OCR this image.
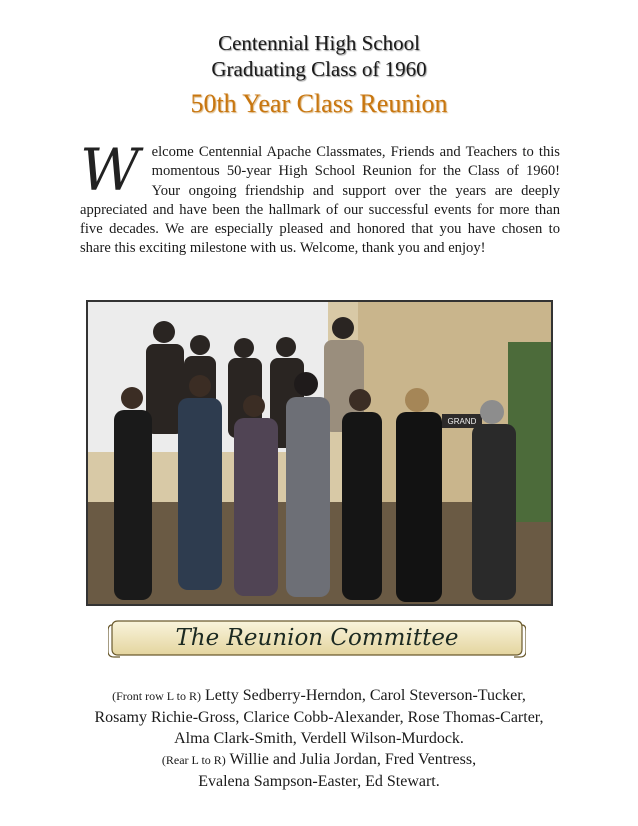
Centennial High School
Graduating Class of 1960
50th Year Class Reunion
W elcome Centennial Apache Classmates, Friends and Teachers to this momentous 50-year High School Reunion for the Class of 1960! Your ongoing friendship and support over the years are deeply appreciated and have been the hallmark of our successful events for more than five decades. We are especially pleased and honored that you have chosen to share this exciting milestone with us. Welcome, thank you and enjoy!
GRAND
The Reunion Committee
(Front row L to R) Letty Sedberry-Herndon, Carol Steverson-Tucker,
Rosamy Richie-Gross, Clarice Cobb-Alexander, Rose Thomas-Carter,
Alma Clark-Smith, Verdell Wilson-Murdock.
(Rear L to R) Willie and Julia Jordan, Fred Ventress,
Evalena Sampson-Easter, Ed Stewart.
